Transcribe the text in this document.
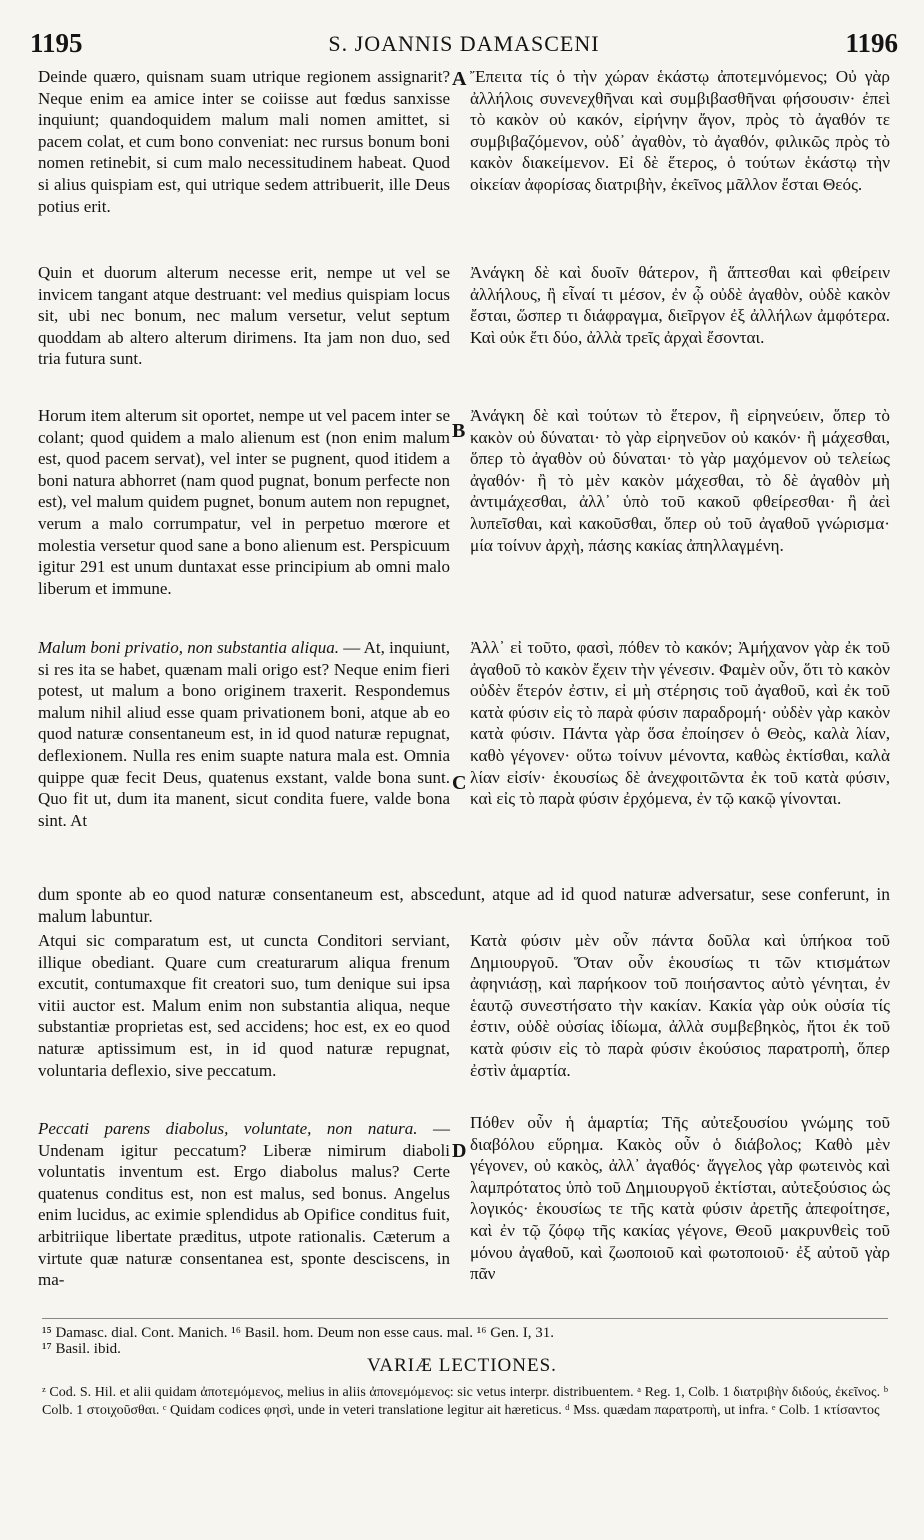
1195	S. JOANNIS DAMASCENI	1196
A
B
C
D

Deinde quæro, quisnam suam utrique regionem assignarit? Neque enim ea amice inter se coiisse aut fœdus sanxisse inquiunt; quandoquidem malum mali nomen amittet, si pacem colat, et cum bono conveniat: nec rursus bonum boni nomen retinebit, si cum malo necessitudinem habeat. Quod si alius quispiam est, qui utrique sedem attribuerit, ille Deus potius erit.

Quin et duorum alterum necesse erit, nempe ut vel se invicem tangant atque destruant: vel medius quispiam locus sit, ubi nec bonum, nec malum versetur, velut septum quoddam ab altero alterum dirimens. Ita jam non duo, sed tria futura sunt.

Horum item alterum sit oportet, nempe ut vel pacem inter se colant; quod quidem a malo alienum est (non enim malum est, quod pacem servat), vel inter se pugnent, quod itidem a boni natura abhorret (nam quod pugnat, bonum perfecte non est), vel malum quidem pugnet, bonum autem non repugnet, verum a malo corrumpatur, vel in perpetuo mœrore et molestia versetur quod sane a bono alienum est. Perspicuum igitur 291 est unum duntaxat esse principium ab omni malo liberum et immune.

Malum boni privatio, non substantia aliqua. — At, inquiunt, si res ita se habet, quænam mali origo est? Neque enim fieri potest, ut malum a bono originem traxerit. Respondemus malum nihil aliud esse quam privationem boni, atque ab eo quod naturæ consentaneum est, in id quod naturæ repugnat, deflexionem. Nulla res enim suapte natura mala est. Omnia quippe quæ fecit Deus, quatenus exstant, valde bona sunt. Quo fit ut, dum ita manent, sicut condita fuere, valde bona sint. At

dum sponte ab eo quod naturæ consentaneum est, abscedunt, atque ad id quod naturæ adversatur, sese conferunt, in malum labuntur.

Atqui sic comparatum est, ut cuncta Conditori serviant, illique obediant. Quare cum creaturarum aliqua frenum excutit, contumaxque fit creatori suo, tum denique sui ipsa vitii auctor est. Malum enim non substantia aliqua, neque substantiæ proprietas est, sed accidens; hoc est, ex eo quod naturæ aptissimum est, in id quod naturæ repugnat, voluntaria deflexio, sive peccatum.

Peccati parens diabolus, voluntate, non natura. — Undenam igitur peccatum? Liberæ nimirum diaboli voluntatis inventum est. Ergo diabolus malus? Certe quatenus conditus est, non est malus, sed bonus. Angelus enim lucidus, ac eximie splendidus ab Opifice conditus fuit, arbitriique libertate præditus, utpote rationalis. Cæterum a virtute quæ naturæ consentanea est, sponte desciscens, in ma-

Ἔπειτα τίς ὁ τὴν χώραν ἑκάστῳ ἀποτεμνόμενος; Οὐ γὰρ ἀλλήλοις συνενεχθῆναι καὶ συμβιβασθῆναι φήσουσιν· ἐπεὶ τὸ κακὸν οὐ κακόν, εἰρήνην ἄγον, πρὸς τὸ ἀγαθόν τε συμβιβαζόμενον, οὐδ᾽ ἀγαθὸν, τὸ ἀγαθόν, φιλικῶς πρὸς τὸ κακὸν διακείμενον. Εἰ δὲ ἕτερος, ὁ τούτων ἑκάστῳ τὴν οἰκείαν ἀφορίσας διατριβὴν, ἐκεῖνος μᾶλλον ἔσται Θεός.

Ἀνάγκη δὲ καὶ δυοῖν θάτερον, ἢ ἅπτεσθαι καὶ φθείρειν ἀλλήλους, ἢ εἶναί τι μέσον, ἐν ᾧ οὐδὲ ἀγαθὸν, οὐδὲ κακὸν ἔσται, ὥσπερ τι διάφραγμα, διεῖργον ἐξ ἀλλήλων ἀμφότερα. Καὶ οὐκ ἔτι δύο, ἀλλὰ τρεῖς ἀρχαὶ ἔσονται.

Ἀνάγκη δὲ καὶ τούτων τὸ ἕτερον, ἢ εἰρηνεύειν, ὅπερ τὸ κακὸν οὐ δύναται· τὸ γὰρ εἰρηνεῦον οὐ κακόν· ἢ μάχεσθαι, ὅπερ τὸ ἀγαθὸν οὐ δύναται· τὸ γὰρ μαχόμενον οὐ τελείως ἀγαθόν· ἢ τὸ μὲν κακὸν μάχεσθαι, τὸ δὲ ἀγαθὸν μὴ ἀντιμάχεσθαι, ἀλλ᾽ ὑπὸ τοῦ κακοῦ φθείρεσθαι· ἢ ἀεὶ λυπεῖσθαι, καὶ κακοῦσθαι, ὅπερ οὐ τοῦ ἀγαθοῦ γνώρισμα· μία τοίνυν ἀρχὴ, πάσης κακίας ἀπηλλαγμένη.

Ἀλλ᾽ εἰ τοῦτο, φασὶ, πόθεν τὸ κακόν; Ἀμήχανον γὰρ ἐκ τοῦ ἀγαθοῦ τὸ κακὸν ἔχειν τὴν γένεσιν. Φαμὲν οὖν, ὅτι τὸ κακὸν οὐδὲν ἕτερόν ἐστιν, εἰ μὴ στέρησις τοῦ ἀγαθοῦ, καὶ ἐκ τοῦ κατὰ φύσιν εἰς τὸ παρὰ φύσιν παραδρομή· οὐδὲν γὰρ κακὸν κατὰ φύσιν. Πάντα γὰρ ὅσα ἐποίησεν ὁ Θεὸς, καλὰ λίαν, καθὸ γέγονεν· οὕτω τοίνυν μένοντα, καθὼς ἐκτίσθαι, καλὰ λίαν εἰσίν· ἑκουσίως δὲ ἀνεχφοιτῶντα ἐκ τοῦ κατὰ φύσιν, καὶ εἰς τὸ παρὰ φύσιν ἐρχόμενα, ἐν τῷ κακῷ γίνονται.

Κατὰ φύσιν μὲν οὖν πάντα δοῦλα καὶ ὑπήκοα τοῦ Δημιουργοῦ. Ὅταν οὖν ἑκουσίως τι τῶν κτισμάτων ἀφηνιάσῃ, καὶ παρήκοον τοῦ ποιήσαντος αὐτὸ γένηται, ἐν ἑαυτῷ συνεστήσατο τὴν κακίαν. Κακία γὰρ οὐκ οὐσία τίς ἐστιν, οὐδὲ οὐσίας ἰδίωμα, ἀλλὰ συμβεβηκὸς, ἤτοι ἐκ τοῦ κατὰ φύσιν εἰς τὸ παρὰ φύσιν ἑκούσιος παρατροπὴ, ὅπερ ἐστὶν ἁμαρτία.

Πόθεν οὖν ἡ ἁμαρτία; Τῆς αὐτεξουσίου γνώμης τοῦ διαβόλου εὕρημα. Κακὸς οὖν ὁ διάβολος; Καθὸ μὲν γέγονεν, οὐ κακὸς, ἀλλ᾽ ἀγαθός· ἄγγελος γὰρ φωτεινὸς καὶ λαμπρότατος ὑπὸ τοῦ Δημιουργοῦ ἐκτίσται, αὐτεξούσιος ὡς λογικός· ἑκουσίως τε τῆς κατὰ φύσιν ἀρετῆς ἀπεφοίτησε, καὶ ἐν τῷ ζόφῳ τῆς κακίας γέγονε, Θεοῦ μακρυνθεὶς τοῦ μόνου ἀγαθοῦ, καὶ ζωοποιοῦ καὶ φωτοποιοῦ· ἐξ αὐτοῦ γὰρ πᾶν

¹⁵ Damasc. dial. Cont. Manich. ¹⁶ Basil. hom. Deum non esse caus. mal. ¹⁶ Gen. I, 31.

¹⁷ Basil. ibid.

VARIÆ LECTIONES.

ᶻ Cod. S. Hil. et alii quidam ἀποτεμόμενος, melius in aliis ἀπονεμόμενος: sic vetus interpr. distribuentem. ᵃ Reg. 1, Colb. 1 διατριβὴν διδούς, ἐκεῖνος. ᵇ Colb. 1 στοιχοῦσθαι. ᶜ Quidam codices φησὶ, unde in veteri translatione legitur ait hæreticus. ᵈ Mss. quædam παρατροπὴ, ut infra. ᵉ Colb. 1 κτίσαντος
